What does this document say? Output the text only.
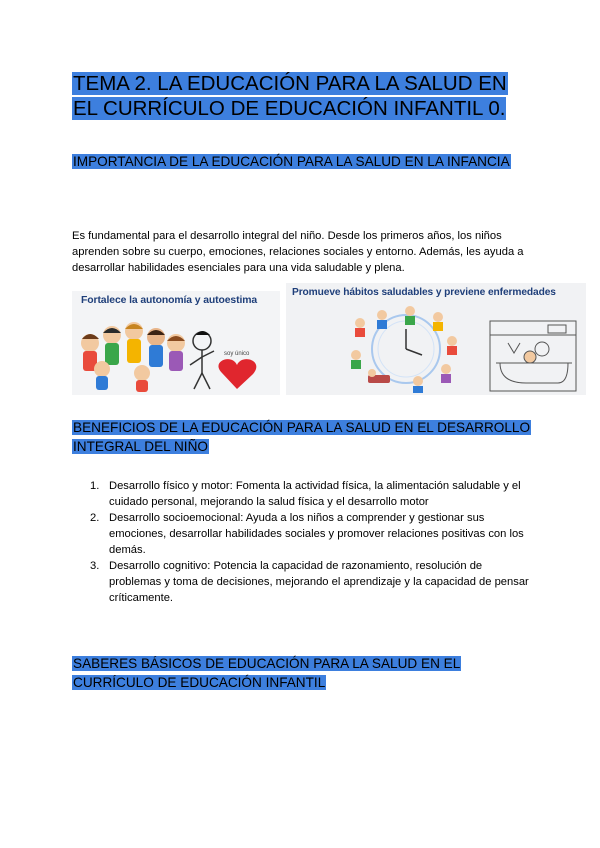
TEMA 2. LA EDUCACIÓN PARA LA SALUD EN EL CURRÍCULO DE EDUCACIÓN INFANTIL 0.
IMPORTANCIA DE LA EDUCACIÓN PARA LA SALUD EN LA INFANCIA

Es fundamental para el desarrollo integral del niño. Desde los primeros años, los niños aprenden sobre su cuerpo, emociones, relaciones sociales y entorno. Además, les ayuda a desarrollar habilidades esenciales para una vida saludable y plena.

Fortalece la autonomía y autoestima
soy único
Promueve hábitos saludables y previene enfermedades
BENEFICIOS DE LA EDUCACIÓN PARA LA SALUD EN EL DESARROLLO INTEGRAL DEL NIÑO
1. Desarrollo físico y motor: Fomenta la actividad física, la alimentación saludable y el cuidado personal, mejorando la salud física y el desarrollo motor
2. Desarrollo socioemocional: Ayuda a los niños a comprender y gestionar sus emociones, desarrollar habilidades sociales y promover relaciones positivas con los demás.
3. Desarrollo cognitivo: Potencia la capacidad de razonamiento, resolución de problemas y toma de decisiones, mejorando el aprendizaje y la capacidad de pensar críticamente.
SABERES BÁSICOS DE EDUCACIÓN PARA LA SALUD EN EL CURRÍCULO DE EDUCACIÓN INFANTIL
